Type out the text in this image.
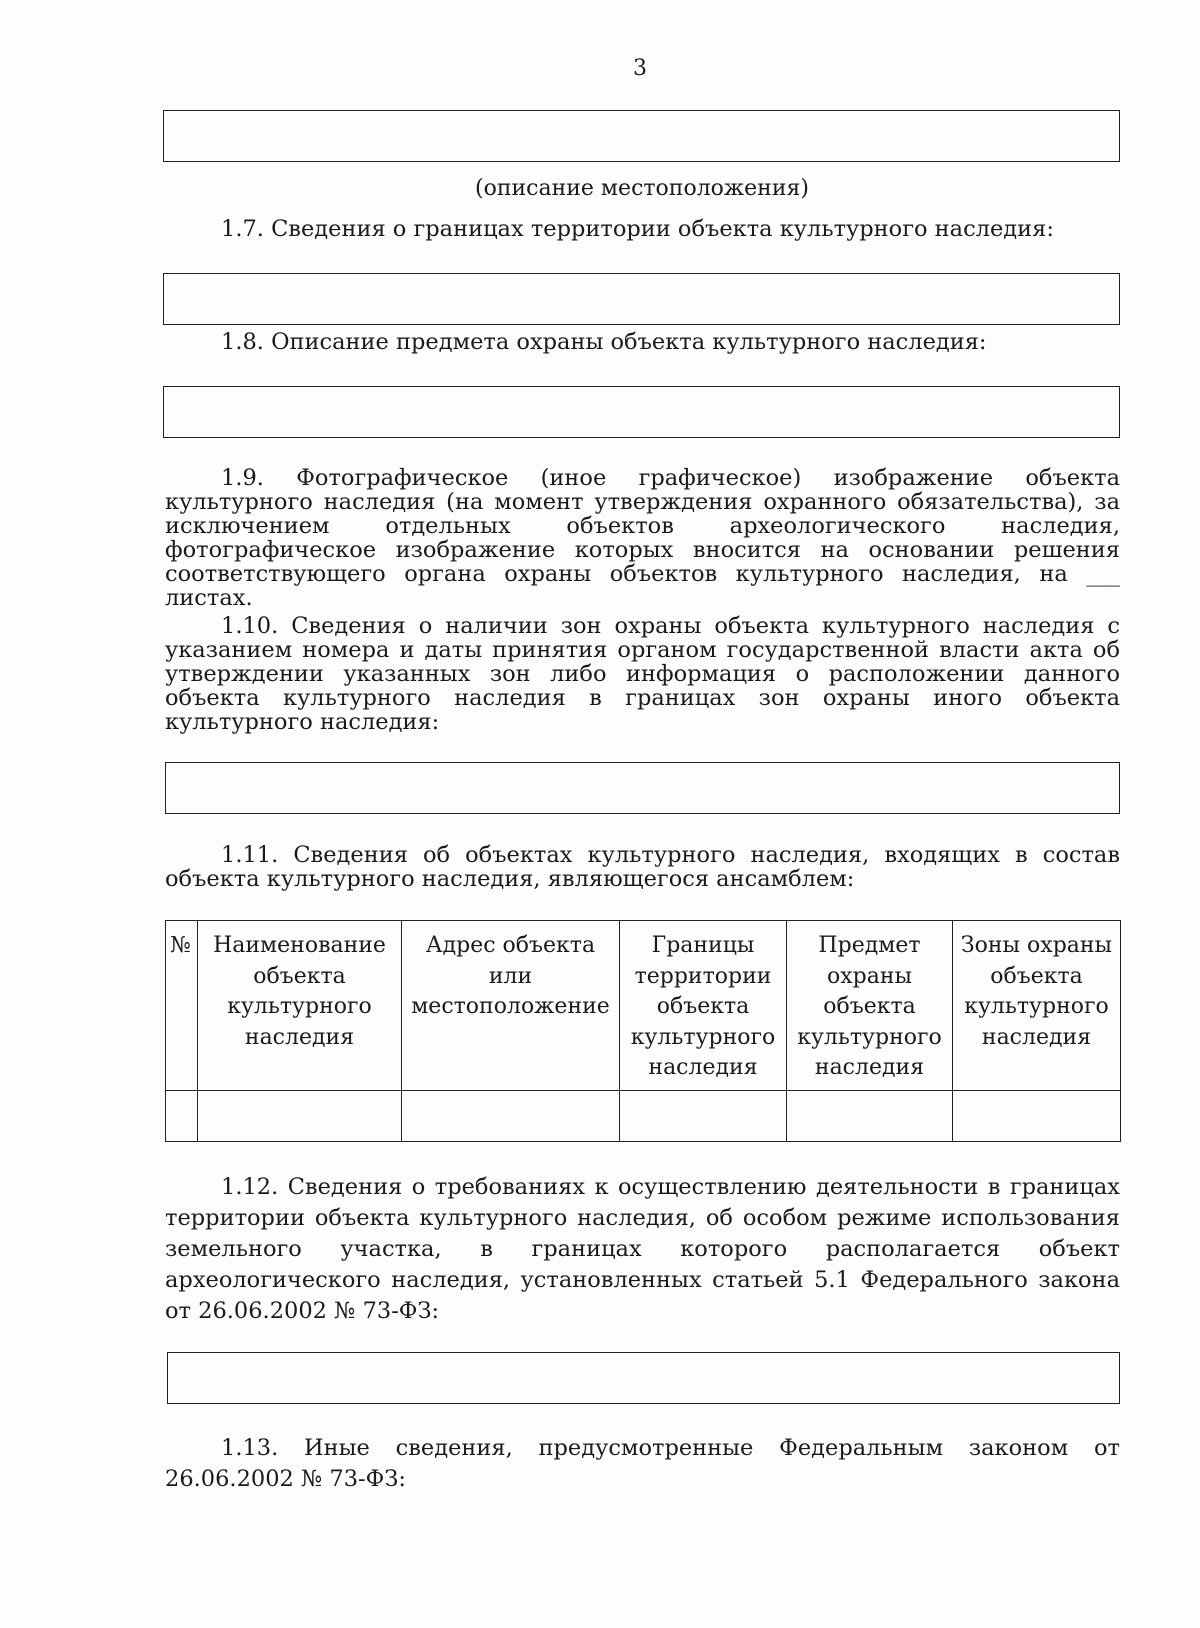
3
(описание местоположения)
1.7. Сведения о границах территории объекта культурного наследия:
1.8. Описание предмета охраны объекта культурного наследия:
1.9. Фотографическое (иное графическое) изображение объекта культурного наследия (на момент утверждения охранного обязательства), за исключением отдельных объектов археологического наследия, фотографическое изображение которых вносится на основании решения соответствующего органа охраны объектов культурного наследия, на ___ листах.
1.10. Сведения о наличии зон охраны объекта культурного наследия с указанием номера и даты принятия органом государственной власти акта об утверждении указанных зон либо информация о расположении данного объекта культурного наследия в границах зон охраны иного объекта культурного наследия:
1.11. Сведения об объектах культурного наследия, входящих в состав объекта культурного наследия, являющегося ансамблем:
№	Наименование объекта культурного наследия	Адрес объекта или местоположение	Границы территории объекта культурного наследия	Предмет охраны объекта культурного наследия	Зоны охраны объекта культурного наследия

1.12. Сведения о требованиях к осуществлению деятельности в границах территории объекта культурного наследия, об особом режиме использования земельного участка, в границах которого располагается объект археологического наследия, установленных статьей 5.1 Федерального закона от 26.06.2002 № 73-ФЗ:
1.13. Иные сведения, предусмотренные Федеральным законом от 26.06.2002 № 73-ФЗ:
